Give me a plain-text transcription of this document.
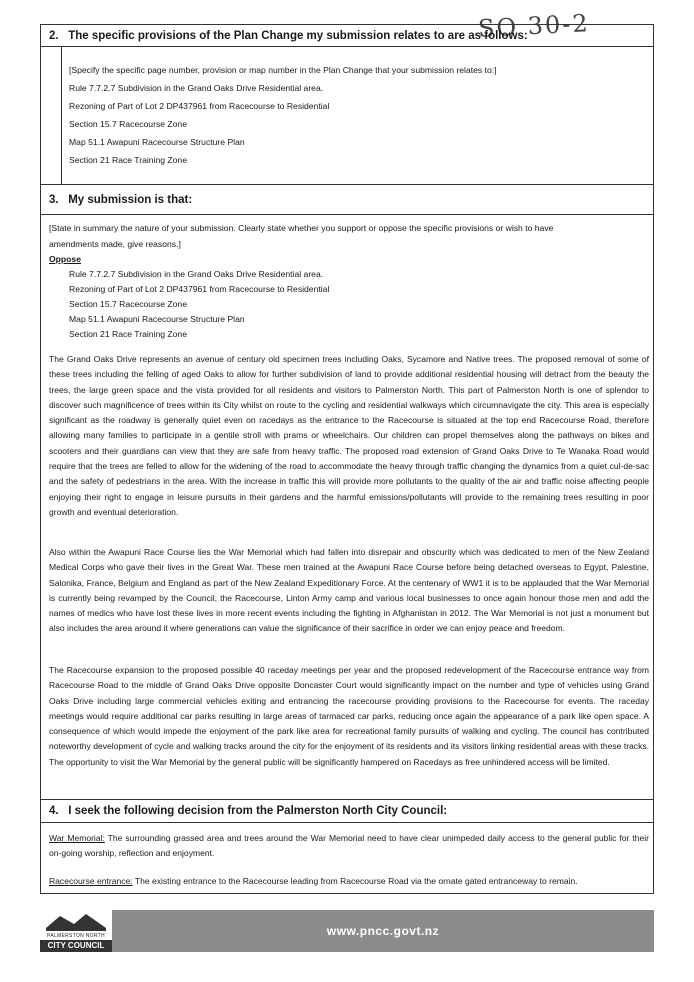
SO 30-2
2. The specific provisions of the Plan Change my submission relates to are as follows:
[Specify the specific page number, provision or map number in the Plan Change that your submission relates to:]
Rule 7.7.2.7 Subdivision in the Grand Oaks Drive Residential area.
Rezoning of Part of Lot 2 DP437961 from Racecourse to Residential
Section 15.7 Racecourse Zone
Map 51.1 Awapuni Racecourse Structure Plan
Section 21 Race Training Zone
3. My submission is that:
[State in summary the nature of your submission. Clearly state whether you support or oppose the specific provisions or wish to have
amendments made, give reasons.]
Oppose
Rule 7.7.2.7 Subdivision in the Grand Oaks Drive Residential area.
Rezoning of Part of Lot 2 DP437961 from Racecourse to Residential
Section 15.7 Racecourse Zone
Map 51.1 Awapuni Racecourse Structure Plan
Section 21 Race Training Zone
The Grand Oaks Drive represents an avenue of century old specimen trees including Oaks, Sycamore and Native trees. The proposed removal of some of these trees including the felling of aged Oaks to allow for further subdivision of land to provide additional residential housing will detract from the beauty the trees, the large green space and the vista provided for all residents and visitors to Palmerston North. This part of Palmerston North is one of splendor to discover such magnificence of trees within its City whilst on route to the cycling and residential walkways which circumnavigate the city. This area is especially significant as the roadway is generally quiet even on racedays as the entrance to the Racecourse is situated at the top end Racecourse Road, therefore allowing many families to participate in a gentile stroll with prams or wheelchairs. Our children can propel themselves along the pathways on bikes and scooters and their guardians can view that they are safe from heavy traffic. The proposed road extension of Grand Oaks Drive to Te Wanaka Road would require that the trees are felled to allow for the widening of the road to accommodate the heavy through traffic changing the dynamics from a quiet cul-de-sac and the safety of pedestrians in the area. With the increase in traffic this will provide more pollutants to the quality of the air and traffic noise affecting people enjoying their right to engage in leisure pursuits in their gardens and the harmful emissions/pollutants will provide to the remaining trees resulting in poor growth and eventual deterioration.
Also within the Awapuni Race Course lies the War Memorial which had fallen into disrepair and obscurity which was dedicated to men of the New Zealand Medical Corps who gave their lives in the Great War. These men trained at the Awapuni Race Course before being detached overseas to Egypt, Palestine, Salonika, France, Belgium and England as part of the New Zealand Expeditionary Force. At the centenary of WW1 it is to be applauded that the War Memorial is currently being revamped by the Council, the Racecourse, Linton Army camp and various local businesses to once again honour those men and add the names of medics who have lost these lives in more recent events including the fighting in Afghanistan in 2012. The War Memorial is not just a monument but also includes the area around it where generations can value the significance of their sacrifice in order we can enjoy peace and freedom.
The Racecourse expansion to the proposed possible 40 raceday meetings per year and the proposed redevelopment of the Racecourse entrance way from Racecourse Road to the middle of Grand Oaks Drive opposite Doncaster Court would significantly impact on the number and type of vehicles using Grand Oaks Drive including large commercial vehicles exiting and entrancing the racecourse providing provisions to the Racecourse for events. The raceday meetings would require additional car parks resulting in large areas of tarmaced car parks, reducing once again the appearance of a park like open space. A consequence of which would impede the enjoyment of the park like area for recreational family pursuits of walking and cycling. The council has contributed noteworthy development of cycle and walking tracks around the city for the enjoyment of its residents and its visitors linking residential areas with these tracks. The opportunity to visit the War Memorial by the general public will be significantly hampered on Racedays as free unhindered access will be limited.
4. I seek the following decision from the Palmerston North City Council:
War Memorial: The surrounding grassed area and trees around the War Memorial need to have clear unimpeded daily access to the general public for their on-going worship, reflection and enjoyment.
Racecourse entrance: The existing entrance to the Racecourse leading from Racecourse Road via the ornate gated entranceway to remain.
PALMERSTON NORTH
CITY COUNCIL
www.pncc.govt.nz
